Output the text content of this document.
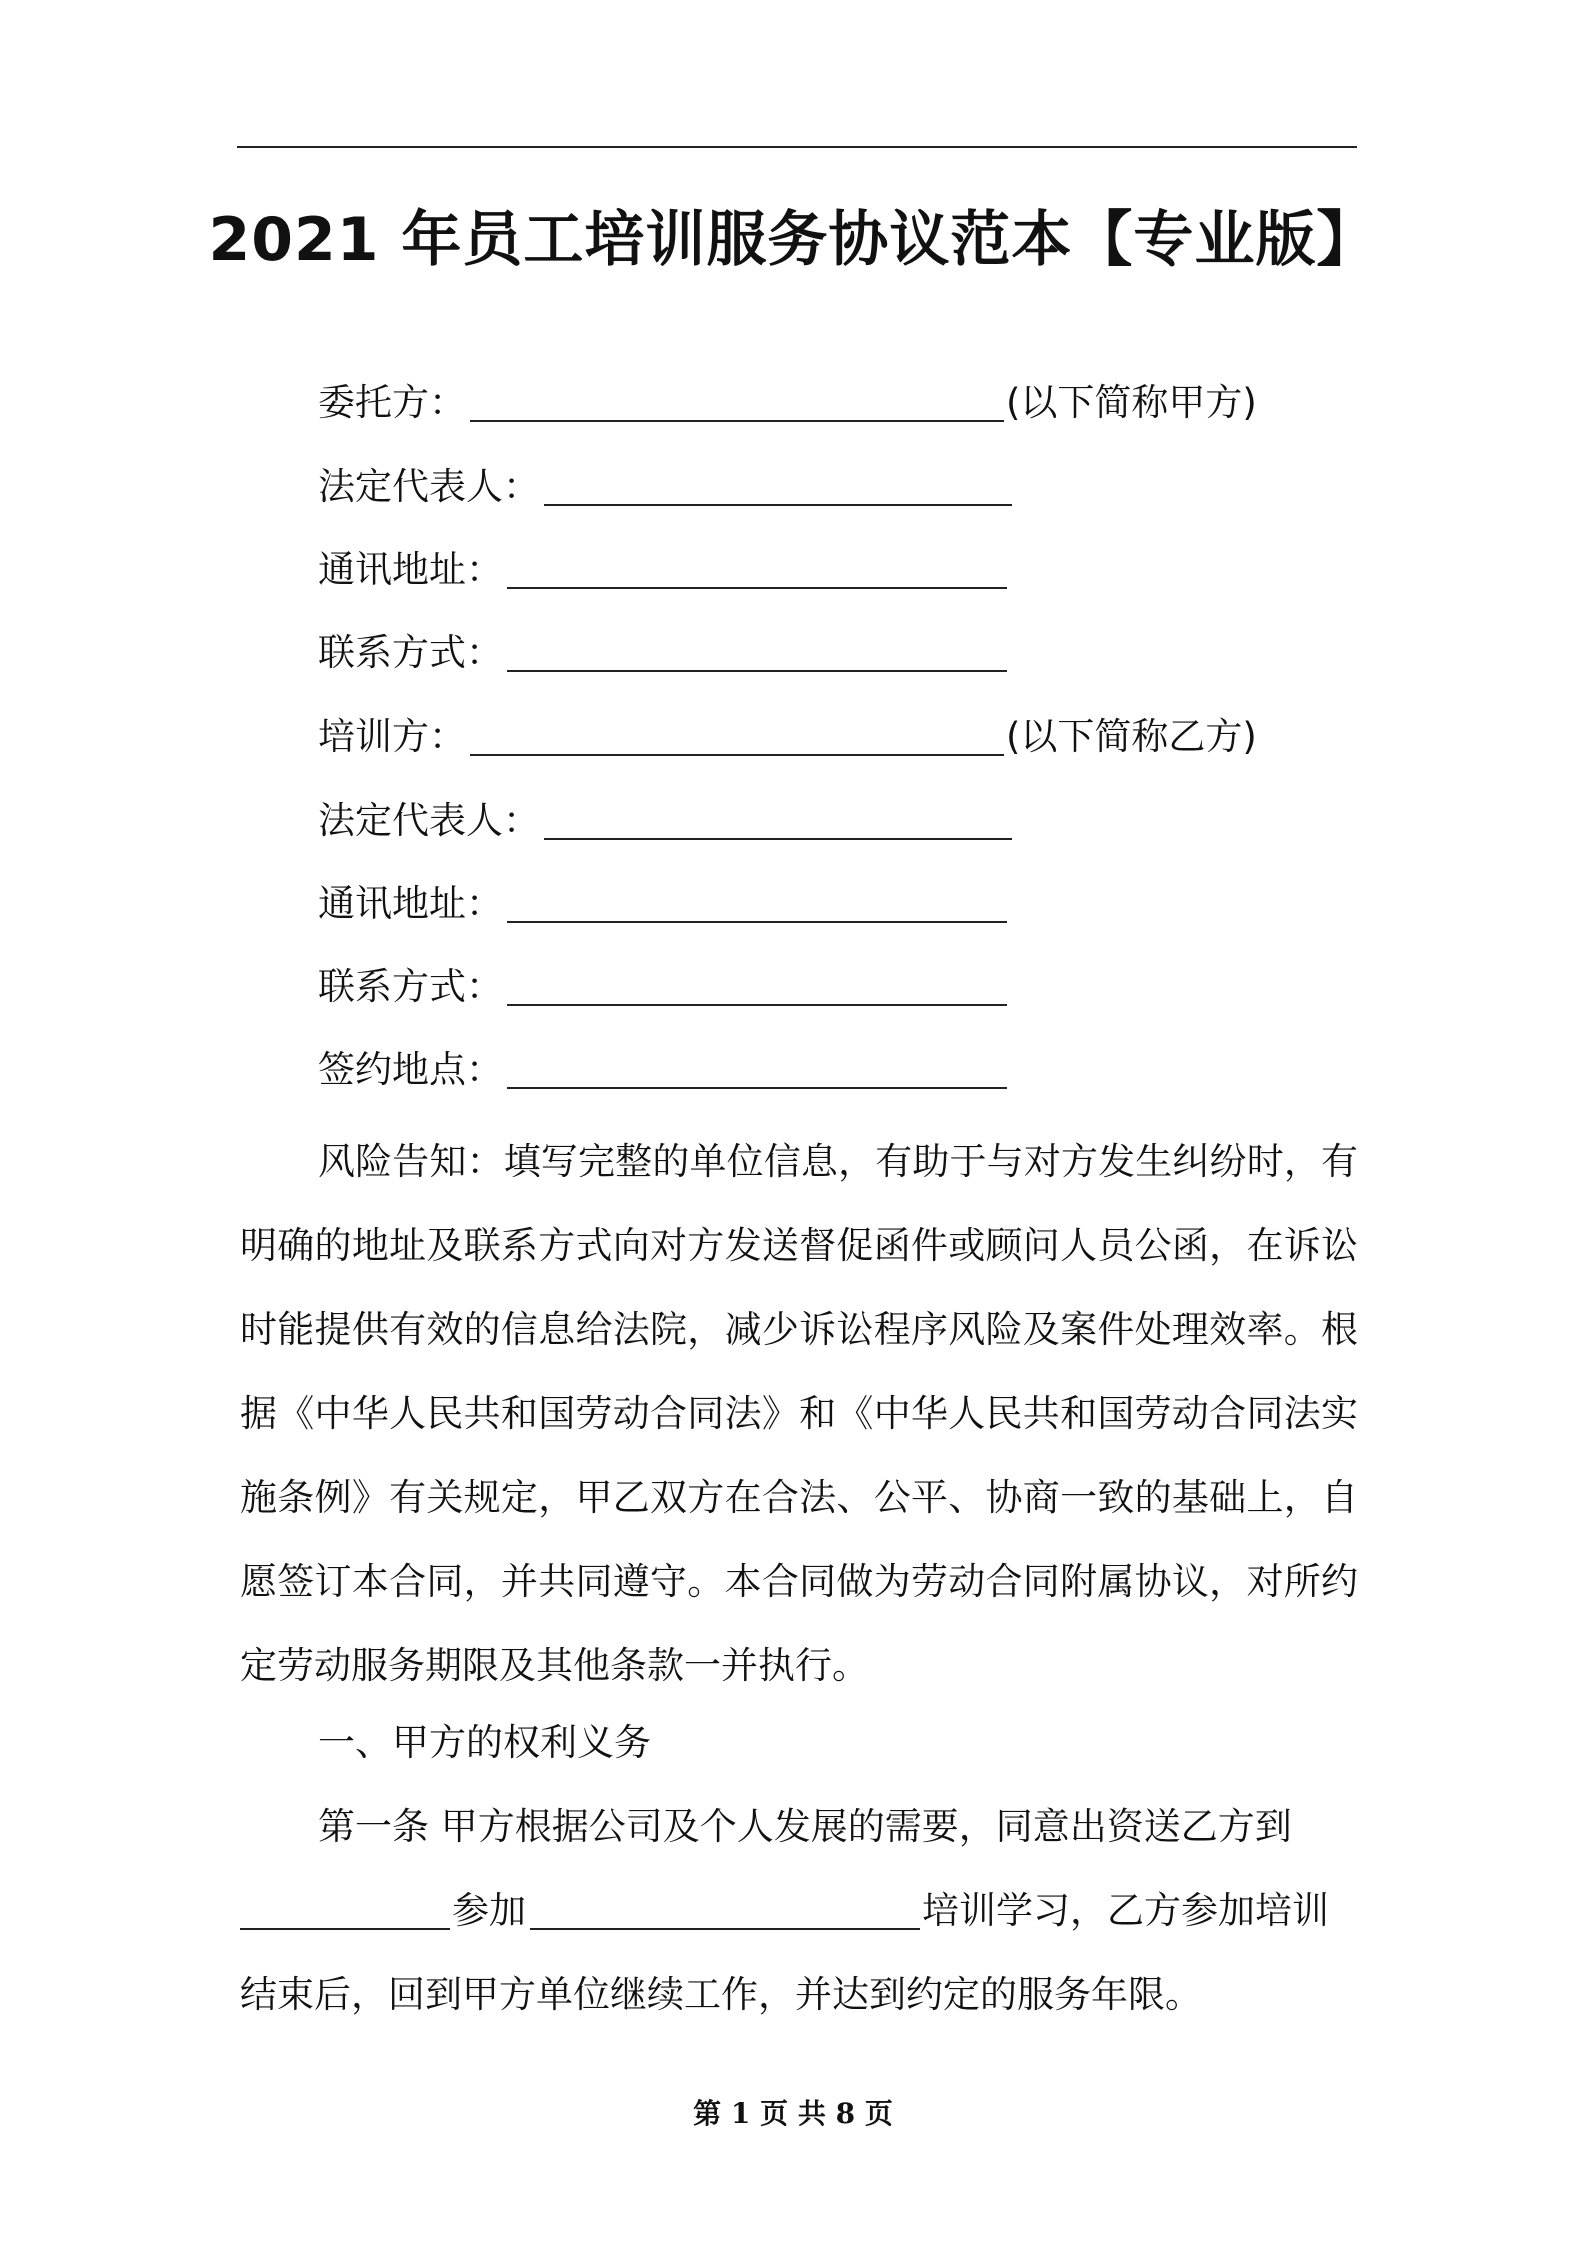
2021 年员工培训服务协议范本【专业版】
委托方：	(以下简称甲方)
法定代表人：
通讯地址：
联系方式：
培训方：	(以下简称乙方)
法定代表人：
通讯地址：
联系方式：
签约地点：
风险告知：填写完整的单位信息，有助于与对方发生纠纷时，有明确的地址及联系方式向对方发送督促函件或顾问人员公函，在诉讼时能提供有效的信息给法院，减少诉讼程序风险及案件处理效率。根据《中华人民共和国劳动合同法》和《中华人民共和国劳动合同法实施条例》有关规定，甲乙双方在合法、公平、协商一致的基础上，自愿签订本合同，并共同遵守。本合同做为劳动合同附属协议，对所约定劳动服务期限及其他条款一并执行。
一、甲方的权利义务
第一条 甲方根据公司及个人发展的需要，同意出资送乙方到
参加	培训学习，乙方参加培训
结束后，回到甲方单位继续工作，并达到约定的服务年限。
第 1 页 共 8 页
